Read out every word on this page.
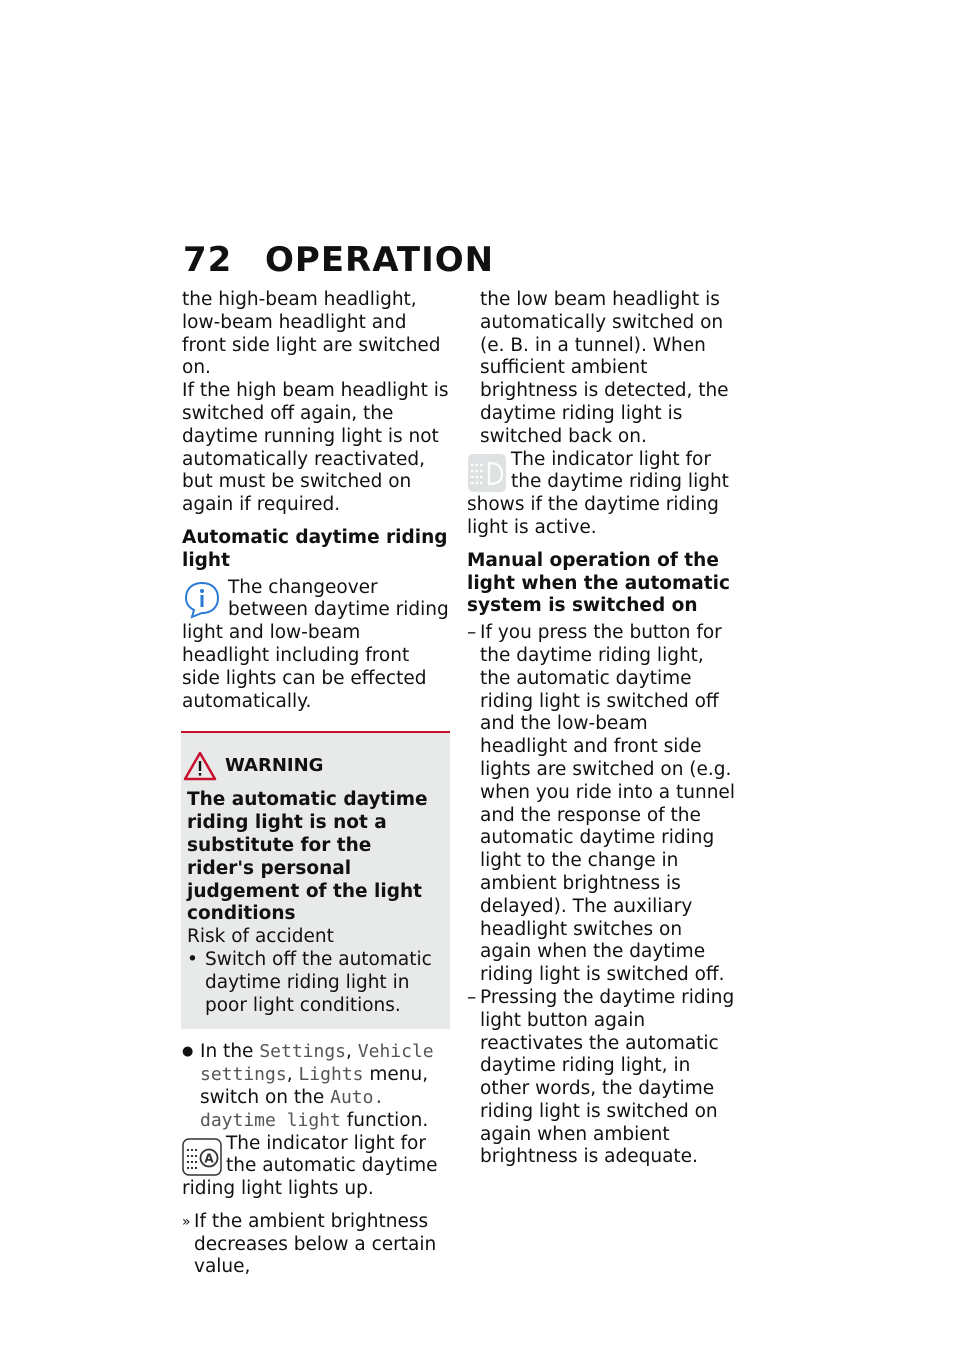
72 OPERATION

the high-beam headlight, low-beam headlight and front side light are switched on.

If the high beam headlight is switched off again, the daytime running light is not automatically reactivated, but must be switched on again if required.

Automatic daytime riding light

The changeover between daytime riding light and low-beam headlight including front side lights can be effected automatically.

WARNING

The automatic daytime riding light is not a substitute for the rider's personal judgement of the light conditions

Risk of accident

• Switch off the automatic daytime riding light in poor light conditions.
● In the Settings, Vehicle settings, Lights menu, switch on the Auto. daytime light function.
A

The indicator light for the automatic daytime riding light lights up.

» If the ambient brightness decreases below a certain value,

the low beam headlight is automatically switched on (e. B. in a tunnel). When sufficient ambient brightness is detected, the daytime riding light is switched back on.

The indicator light for the daytime riding light shows if the daytime riding light is active.

Manual operation of the light when the automatic system is switched on

– If you press the button for the daytime riding light, the automatic daytime riding light is switched off and the low-beam headlight and front side lights are switched on (e.g. when you ride into a tunnel and the response of the automatic daytime riding light to the change in ambient brightness is delayed). The auxiliary headlight switches on again when the daytime riding light is switched off.
– Pressing the daytime riding light button again reactivates the automatic daytime riding light, in other words, the daytime riding light is switched on again when ambient brightness is adequate.
